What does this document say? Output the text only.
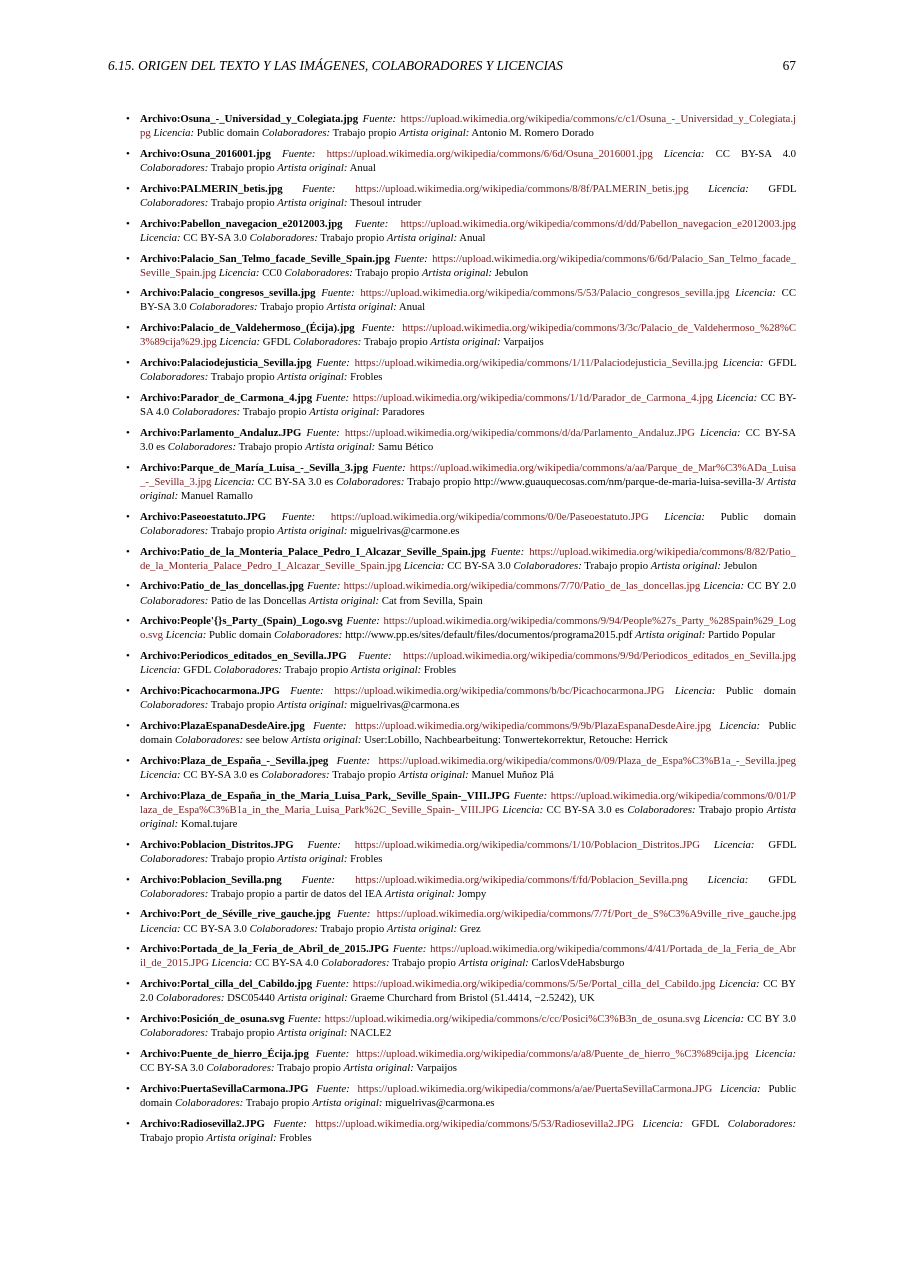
6.15. ORIGEN DEL TEXTO Y LAS IMÁGENES, COLABORADORES Y LICENCIAS	67
• Archivo:Osuna_-_Universidad_y_Colegiata.jpg Fuente: https://upload.wikimedia.org/wikipedia/commons/c/c1/Osuna_-_Universidad_y_Colegiata.jpg Licencia: Public domain Colaboradores: Trabajo propio Artista original: Antonio M. Romero Dorado
• Archivo:Osuna_2016001.jpg Fuente: https://upload.wikimedia.org/wikipedia/commons/6/6d/Osuna_2016001.jpg Licencia: CC BY-SA 4.0 Colaboradores: Trabajo propio Artista original: Anual
• Archivo:PALMERIN_betis.jpg Fuente: https://upload.wikimedia.org/wikipedia/commons/8/8f/PALMERIN_betis.jpg Licencia: GFDL Colaboradores: Trabajo propio Artista original: Thesoul intruder
• Archivo:Pabellon_navegacion_e2012003.jpg Fuente: https://upload.wikimedia.org/wikipedia/commons/d/dd/Pabellon_navegacion_e2012003.jpg Licencia: CC BY-SA 3.0 Colaboradores: Trabajo propio Artista original: Anual
• Archivo:Palacio_San_Telmo_facade_Seville_Spain.jpg Fuente: https://upload.wikimedia.org/wikipedia/commons/6/6d/Palacio_San_Telmo_facade_Seville_Spain.jpg Licencia: CC0 Colaboradores: Trabajo propio Artista original: Jebulon
• Archivo:Palacio_congresos_sevilla.jpg Fuente: https://upload.wikimedia.org/wikipedia/commons/5/53/Palacio_congresos_sevilla.jpg Licencia: CC BY-SA 3.0 Colaboradores: Trabajo propio Artista original: Anual
• Archivo:Palacio_de_Valdehermoso_(Écija).jpg Fuente: https://upload.wikimedia.org/wikipedia/commons/3/3c/Palacio_de_Valdehermoso_%28%C3%89cija%29.jpg Licencia: GFDL Colaboradores: Trabajo propio Artista original: Varpaijos
• Archivo:Palaciodejusticia_Sevilla.jpg Fuente: https://upload.wikimedia.org/wikipedia/commons/1/11/Palaciodejusticia_Sevilla.jpg Licencia: GFDL Colaboradores: Trabajo propio Artista original: Frobles
• Archivo:Parador_de_Carmona_4.jpg Fuente: https://upload.wikimedia.org/wikipedia/commons/1/1d/Parador_de_Carmona_4.jpg Licencia: CC BY-SA 4.0 Colaboradores: Trabajo propio Artista original: Paradores
• Archivo:Parlamento_Andaluz.JPG Fuente: https://upload.wikimedia.org/wikipedia/commons/d/da/Parlamento_Andaluz.JPG Licencia: CC BY-SA 3.0 es Colaboradores: Trabajo propio Artista original: Samu Bético
• Archivo:Parque_de_María_Luisa_-_Sevilla_3.jpg Fuente: https://upload.wikimedia.org/wikipedia/commons/a/aa/Parque_de_Mar%C3%ADa_Luisa_-_Sevilla_3.jpg Licencia: CC BY-SA 3.0 es Colaboradores: Trabajo propio http://www.guauquecosas.com/nm/parque-de-maria-luisa-sevilla-3/ Artista original: Manuel Ramallo
• Archivo:Paseoestatuto.JPG Fuente: https://upload.wikimedia.org/wikipedia/commons/0/0e/Paseoestatuto.JPG Licencia: Public domain Colaboradores: Trabajo propio Artista original: miguelrivas@carmone.es
• Archivo:Patio_de_la_Monteria_Palace_Pedro_I_Alcazar_Seville_Spain.jpg Fuente: https://upload.wikimedia.org/wikipedia/commons/8/82/Patio_de_la_Monteria_Palace_Pedro_I_Alcazar_Seville_Spain.jpg Licencia: CC BY-SA 3.0 Colaboradores: Trabajo propio Artista original: Jebulon
• Archivo:Patio_de_las_doncellas.jpg Fuente: https://upload.wikimedia.org/wikipedia/commons/7/70/Patio_de_las_doncellas.jpg Licencia: CC BY 2.0 Colaboradores: Patio de las Doncellas Artista original: Cat from Sevilla, Spain
• Archivo:People'{}s_Party_(Spain)_Logo.svg Fuente: https://upload.wikimedia.org/wikipedia/commons/9/94/People%27s_Party_%28Spain%29_Logo.svg Licencia: Public domain Colaboradores: http://www.pp.es/sites/default/files/documentos/programa2015.pdf Artista original: Partido Popular
• Archivo:Periodicos_editados_en_Sevilla.JPG Fuente: https://upload.wikimedia.org/wikipedia/commons/9/9d/Periodicos_editados_en_Sevilla.jpg Licencia: GFDL Colaboradores: Trabajo propio Artista original: Frobles
• Archivo:Picachocarmona.JPG Fuente: https://upload.wikimedia.org/wikipedia/commons/b/bc/Picachocarmona.JPG Licencia: Public domain Colaboradores: Trabajo propio Artista original: miguelrivas@carmona.es
• Archivo:PlazaEspanaDesdeAire.jpg Fuente: https://upload.wikimedia.org/wikipedia/commons/9/9b/PlazaEspanaDesdeAire.jpg Licencia: Public domain Colaboradores: see below Artista original: User:Lobillo, Nachbearbeitung: Tonwertekorrektur, Retouche: Herrick
• Archivo:Plaza_de_España_-_Sevilla.jpeg Fuente: https://upload.wikimedia.org/wikipedia/commons/0/09/Plaza_de_Espa%C3%B1a_-_Sevilla.jpeg Licencia: CC BY-SA 3.0 es Colaboradores: Trabajo propio Artista original: Manuel Muñoz Plá
• Archivo:Plaza_de_España_in_the_Maria_Luisa_Park,_Seville_Spain-_VIII.JPG Fuente: https://upload.wikimedia.org/wikipedia/commons/0/01/Plaza_de_Espa%C3%B1a_in_the_Maria_Luisa_Park%2C_Seville_Spain-_VIII.JPG Licencia: CC BY-SA 3.0 es Colaboradores: Trabajo propio Artista original: Komal.tujare
• Archivo:Poblacion_Distritos.JPG Fuente: https://upload.wikimedia.org/wikipedia/commons/1/10/Poblacion_Distritos.JPG Licencia: GFDL Colaboradores: Trabajo propio Artista original: Frobles
• Archivo:Poblacion_Sevilla.png Fuente: https://upload.wikimedia.org/wikipedia/commons/f/fd/Poblacion_Sevilla.png Licencia: GFDL Colaboradores: Trabajo propio a partir de datos del IEA Artista original: Jompy
• Archivo:Port_de_Séville_rive_gauche.jpg Fuente: https://upload.wikimedia.org/wikipedia/commons/7/7f/Port_de_S%C3%A9ville_rive_gauche.jpg Licencia: CC BY-SA 3.0 Colaboradores: Trabajo propio Artista original: Grez
• Archivo:Portada_de_la_Feria_de_Abril_de_2015.JPG Fuente: https://upload.wikimedia.org/wikipedia/commons/4/41/Portada_de_la_Feria_de_Abril_de_2015.JPG Licencia: CC BY-SA 4.0 Colaboradores: Trabajo propio Artista original: CarlosVdeHabsburgo
• Archivo:Portal_cilla_del_Cabildo.jpg Fuente: https://upload.wikimedia.org/wikipedia/commons/5/5e/Portal_cilla_del_Cabildo.jpg Licencia: CC BY 2.0 Colaboradores: DSC05440 Artista original: Graeme Churchard from Bristol (51.4414, −2.5242), UK
• Archivo:Posición_de_osuna.svg Fuente: https://upload.wikimedia.org/wikipedia/commons/c/cc/Posici%C3%B3n_de_osuna.svg Licencia: CC BY 3.0 Colaboradores: Trabajo propio Artista original: NACLE2
• Archivo:Puente_de_hierro_Écija.jpg Fuente: https://upload.wikimedia.org/wikipedia/commons/a/a8/Puente_de_hierro_%C3%89cija.jpg Licencia: CC BY-SA 3.0 Colaboradores: Trabajo propio Artista original: Varpaijos
• Archivo:PuertaSevillaCarmona.JPG Fuente: https://upload.wikimedia.org/wikipedia/commons/a/ae/PuertaSevillaCarmona.JPG Licencia: Public domain Colaboradores: Trabajo propio Artista original: miguelrivas@carmona.es
• Archivo:Radiosevilla2.JPG Fuente: https://upload.wikimedia.org/wikipedia/commons/5/53/Radiosevilla2.JPG Licencia: GFDL Colaboradores: Trabajo propio Artista original: Frobles
